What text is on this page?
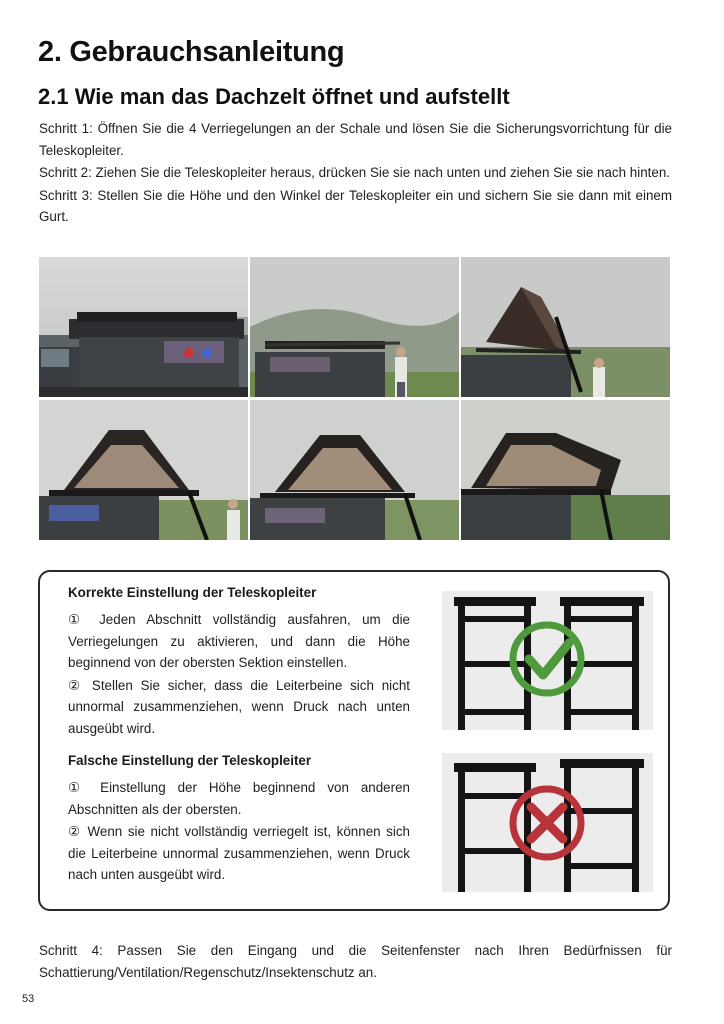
2. Gebrauchsanleitung
2.1 Wie man das Dachzelt öffnet und aufstellt

Schritt 1: Öffnen Sie die 4 Verriegelungen an der Schale und lösen Sie die Sicherungsvorrichtung für die Teleskopleiter.

Schritt 2: Ziehen Sie die Teleskopleiter heraus, drücken Sie sie nach unten und ziehen Sie sie nach hinten.

Schritt 3: Stellen Sie die Höhe und den Winkel der Teleskopleiter ein und sichern Sie sie dann mit einem Gurt.

Korrekte Einstellung der Teleskopleiter

① Jeden Abschnitt vollständig ausfahren, um die Verriegelungen zu aktivieren, und dann die Höhe beginnend von der obersten Sektion einstellen.

② Stellen Sie sicher, dass die Leiterbeine sich nicht unnormal zusammenziehen, wenn Druck nach unten ausgeübt wird.

Falsche Einstellung der Teleskopleiter

① Einstellung der Höhe beginnend von anderen Abschnitten als der obersten.

② Wenn sie nicht vollständig verriegelt ist, können sich die Leiterbeine unnormal zusammenziehen, wenn Druck nach unten ausgeübt wird.

Schritt 4: Passen Sie den Eingang und die Seitenfenster nach Ihren Bedürfnissen für Schattierung/Ventilation/Regenschutz/Insektenschutz an.
53
